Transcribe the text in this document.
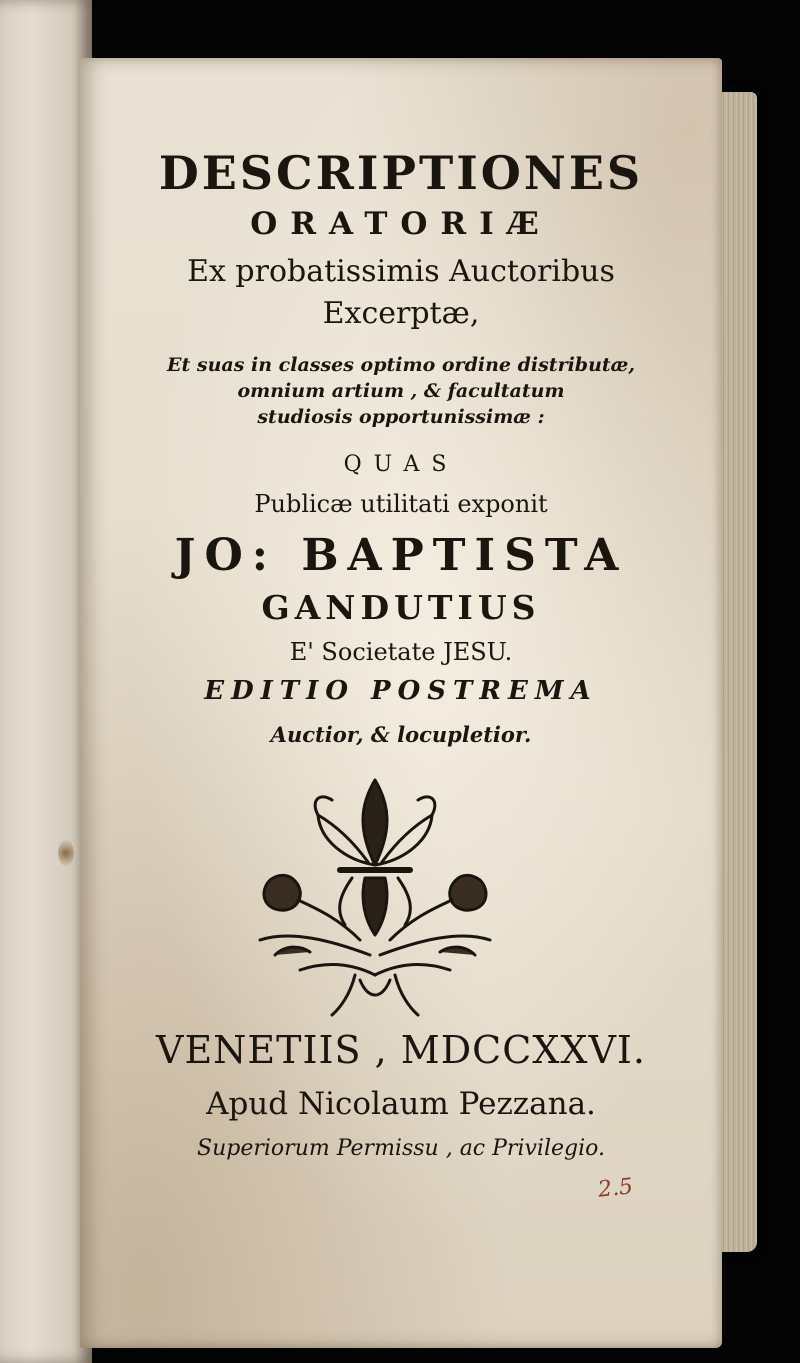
DESCRIPTIONES
ORATORIÆ
Ex probatissimis Auctoribus
Excerptæ,
Et suas in classes optimo ordine distributæ,
omnium artium , & facultatum
studiosis opportunissimæ :
QUAS
Publicæ utilitati exponit
JO: BAPTISTA
GANDUTIUS
E' Societate JESU.
EDITIO POSTREMA
Auctior, & locupletior.
VENETIIS , MDCCXXVI.
Apud Nicolaum Pezzana.
Superiorum Permissu , ac Privilegio.
2.5
